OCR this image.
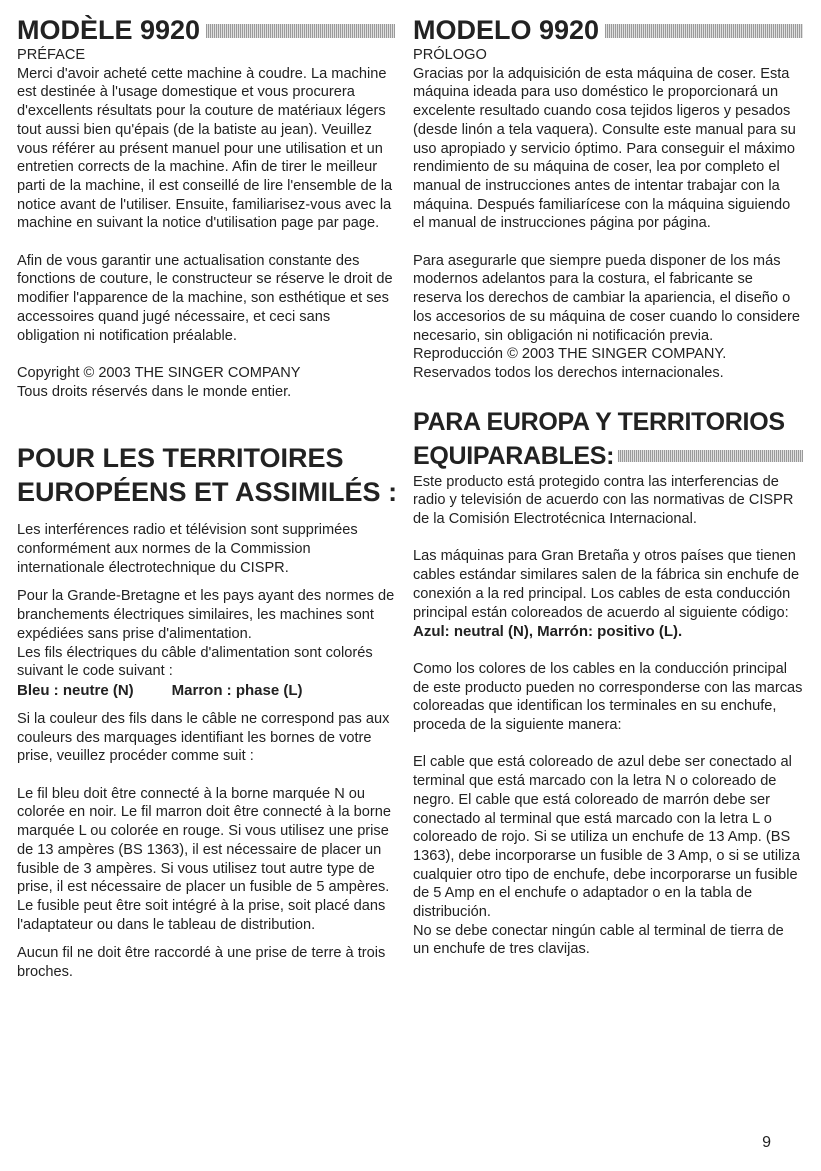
MODÈLE 9920

PRÉFACE

Merci d'avoir acheté cette machine à coudre. La machine est destinée à l'usage domestique et vous procurera d'excellents résultats pour la couture de matériaux légers tout aussi bien qu'épais (de la batiste au jean). Veuillez vous référer au présent manuel pour une utilisation et un entretien corrects de la machine. Afin de tirer le meilleur parti de la machine, il est conseillé de lire l'ensemble de la notice avant de l'utiliser. Ensuite, familiarisez-vous avec la machine en suivant la notice d'utilisation page par page.

Afin de vous garantir une actualisation constante des fonctions de couture, le constructeur se réserve le droit de modifier l'apparence de la machine, son esthétique et ses accessoires quand jugé nécessaire, et ceci sans obligation ni notification préalable.

Copyright © 2003 THE SINGER COMPANY

Tous droits réservés dans le monde entier.

POUR LES TERRITOIRES
EUROPÉENS ET ASSIMILÉS :

Les interférences radio et télévision sont supprimées conformément aux normes de la Commission internationale électrotechnique du CISPR.

Pour la Grande-Bretagne et les pays ayant des normes de branchements électriques similaires, les machines sont expédiées sans prise d'alimentation.

Les fils électriques du câble d'alimentation sont colorés suivant le code suivant :

Bleu : neutre (N)	Marron : phase (L)

Si la couleur des fils dans le câble ne correspond pas aux couleurs des marquages identifiant les bornes de votre prise, veuillez procéder comme suit :

Le fil bleu doit être connecté à la borne marquée N ou colorée en noir. Le fil marron doit être connecté à la borne marquée L ou colorée en rouge. Si vous utilisez une prise de 13 ampères (BS 1363), il est nécessaire de placer un fusible de 3 ampères. Si vous utilisez tout autre type de prise, il est nécessaire de placer un fusible de 5 ampères. Le fusible peut être soit intégré à la prise, soit placé dans l'adaptateur ou dans le tableau de distribution.

Aucun fil ne doit être raccordé à une prise de terre à trois broches.

MODELO 9920

PRÓLOGO

Gracias por la adquisición de esta máquina de coser. Esta máquina ideada para uso doméstico le proporcionará un excelente resultado cuando cosa tejidos ligeros y pesados (desde linón a tela vaquera). Consulte este manual para su uso apropiado y servicio óptimo. Para conseguir el máximo rendimiento de su máquina de coser, lea por completo el manual de instrucciones antes de intentar trabajar con la máquina. Después familiarícese con la máquina siguiendo el manual de instrucciones página por página.

Para asegurarle que siempre pueda disponer de los más modernos adelantos para la costura, el fabricante se reserva los derechos de cambiar la apariencia, el diseño o los accesorios de su máquina de coser cuando lo considere necesario, sin obligación ni notificación previa.

Reproducción © 2003 THE SINGER COMPANY.

Reservados todos los derechos internacionales.

PARA EUROPA Y TERRITORIOS
EQUIPARABLES:

Este producto está protegido contra las interferencias de radio y televisión de acuerdo con las normativas de CISPR de la Comisión Electrotécnica Internacional.

Las máquinas para Gran Bretaña y otros países que tienen cables estándar similares salen de la fábrica sin enchufe de conexión a la red principal. Los cables de esta conducción principal están coloreados de acuerdo al siguiente código:

Azul: neutral (N), Marrón: positivo (L).

Como los colores de los cables en la conducción principal de este producto pueden no corresponderse con las marcas coloreadas que identifican los terminales en su enchufe, proceda de la siguiente manera:

El cable que está coloreado de azul debe ser conectado al terminal que está marcado con la letra N o coloreado de negro. El cable que está coloreado de marrón debe ser conectado al terminal que está marcado con la letra L o coloreado de rojo. Si se utiliza un enchufe de 13 Amp. (BS 1363), debe incorporarse un fusible de 3 Amp, o si se utiliza cualquier otro tipo de enchufe, debe incorporarse un fusible de 5 Amp en el enchufe o adaptador o en la tabla de distribución.

No se debe conectar ningún cable al terminal de tierra de un enchufe de tres clavijas.

9
